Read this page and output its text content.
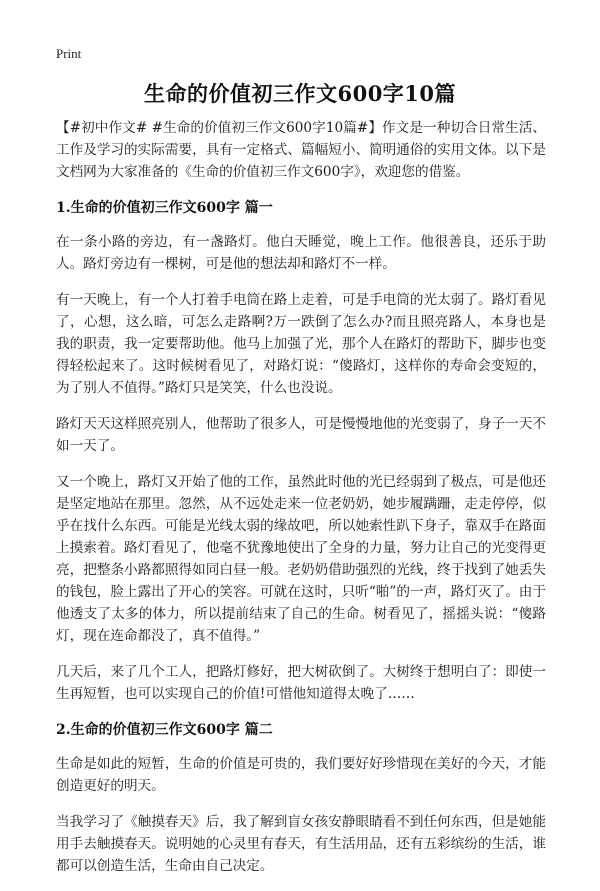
Print
生命的价值初三作文600字10篇

【#初中作文# #生命的价值初三作文600字10篇#】作文是一种切合日常生活、工作及学习的实际需要，具有一定格式、篇幅短小、简明通俗的实用文体。以下是文档网为大家准备的《生命的价值初三作文600字》，欢迎您的借鉴。

1.生命的价值初三作文600字 篇一

在一条小路的旁边，有一盏路灯。他白天睡觉，晚上工作。他很善良，还乐于助人。路灯旁边有一棵树，可是他的想法却和路灯不一样。

有一天晚上，有一个人打着手电筒在路上走着，可是手电筒的光太弱了。路灯看见了，心想，这么暗，可怎么走路啊?万一跌倒了怎么办?而且照亮路人，本身也是我的职责，我一定要帮助他。他马上加强了光，那个人在路灯的帮助下，脚步也变得轻松起来了。这时候树看见了，对路灯说：“傻路灯，这样你的寿命会变短的，为了别人不值得。”路灯只是笑笑，什么也没说。

路灯天天这样照亮别人，他帮助了很多人，可是慢慢地他的光变弱了，身子一天不如一天了。

又一个晚上，路灯又开始了他的工作，虽然此时他的光已经弱到了极点，可是他还是坚定地站在那里。忽然，从不远处走来一位老奶奶，她步履蹒跚，走走停停，似乎在找什么东西。可能是光线太弱的缘故吧，所以她索性趴下身子，靠双手在路面上摸索着。路灯看见了，他毫不犹豫地使出了全身的力量，努力让自己的光变得更亮，把整条小路都照得如同白昼一般。老奶奶借助强烈的光线，终于找到了她丢失的钱包，脸上露出了开心的笑容。可就在这时，只听“啪”的一声，路灯灭了。由于他透支了太多的体力，所以提前结束了自己的生命。树看见了，摇摇头说：“傻路灯，现在连命都没了，真不值得。”

几天后，来了几个工人，把路灯修好，把大树砍倒了。大树终于想明白了：即使一生再短暂，也可以实现自己的价值!可惜他知道得太晚了……

2.生命的价值初三作文600字 篇二

生命是如此的短暂，生命的价值是可贵的，我们要好好珍惜现在美好的今天，才能创造更好的明天。

当我学习了《触摸春天》后，我了解到盲女孩安静眼睛看不到任何东西，但是她能用手去触摸春天。说明她的心灵里有春天，有生活用品，还有五彩缤纷的生活，谁都可以创造生活，生命由自己决定。
